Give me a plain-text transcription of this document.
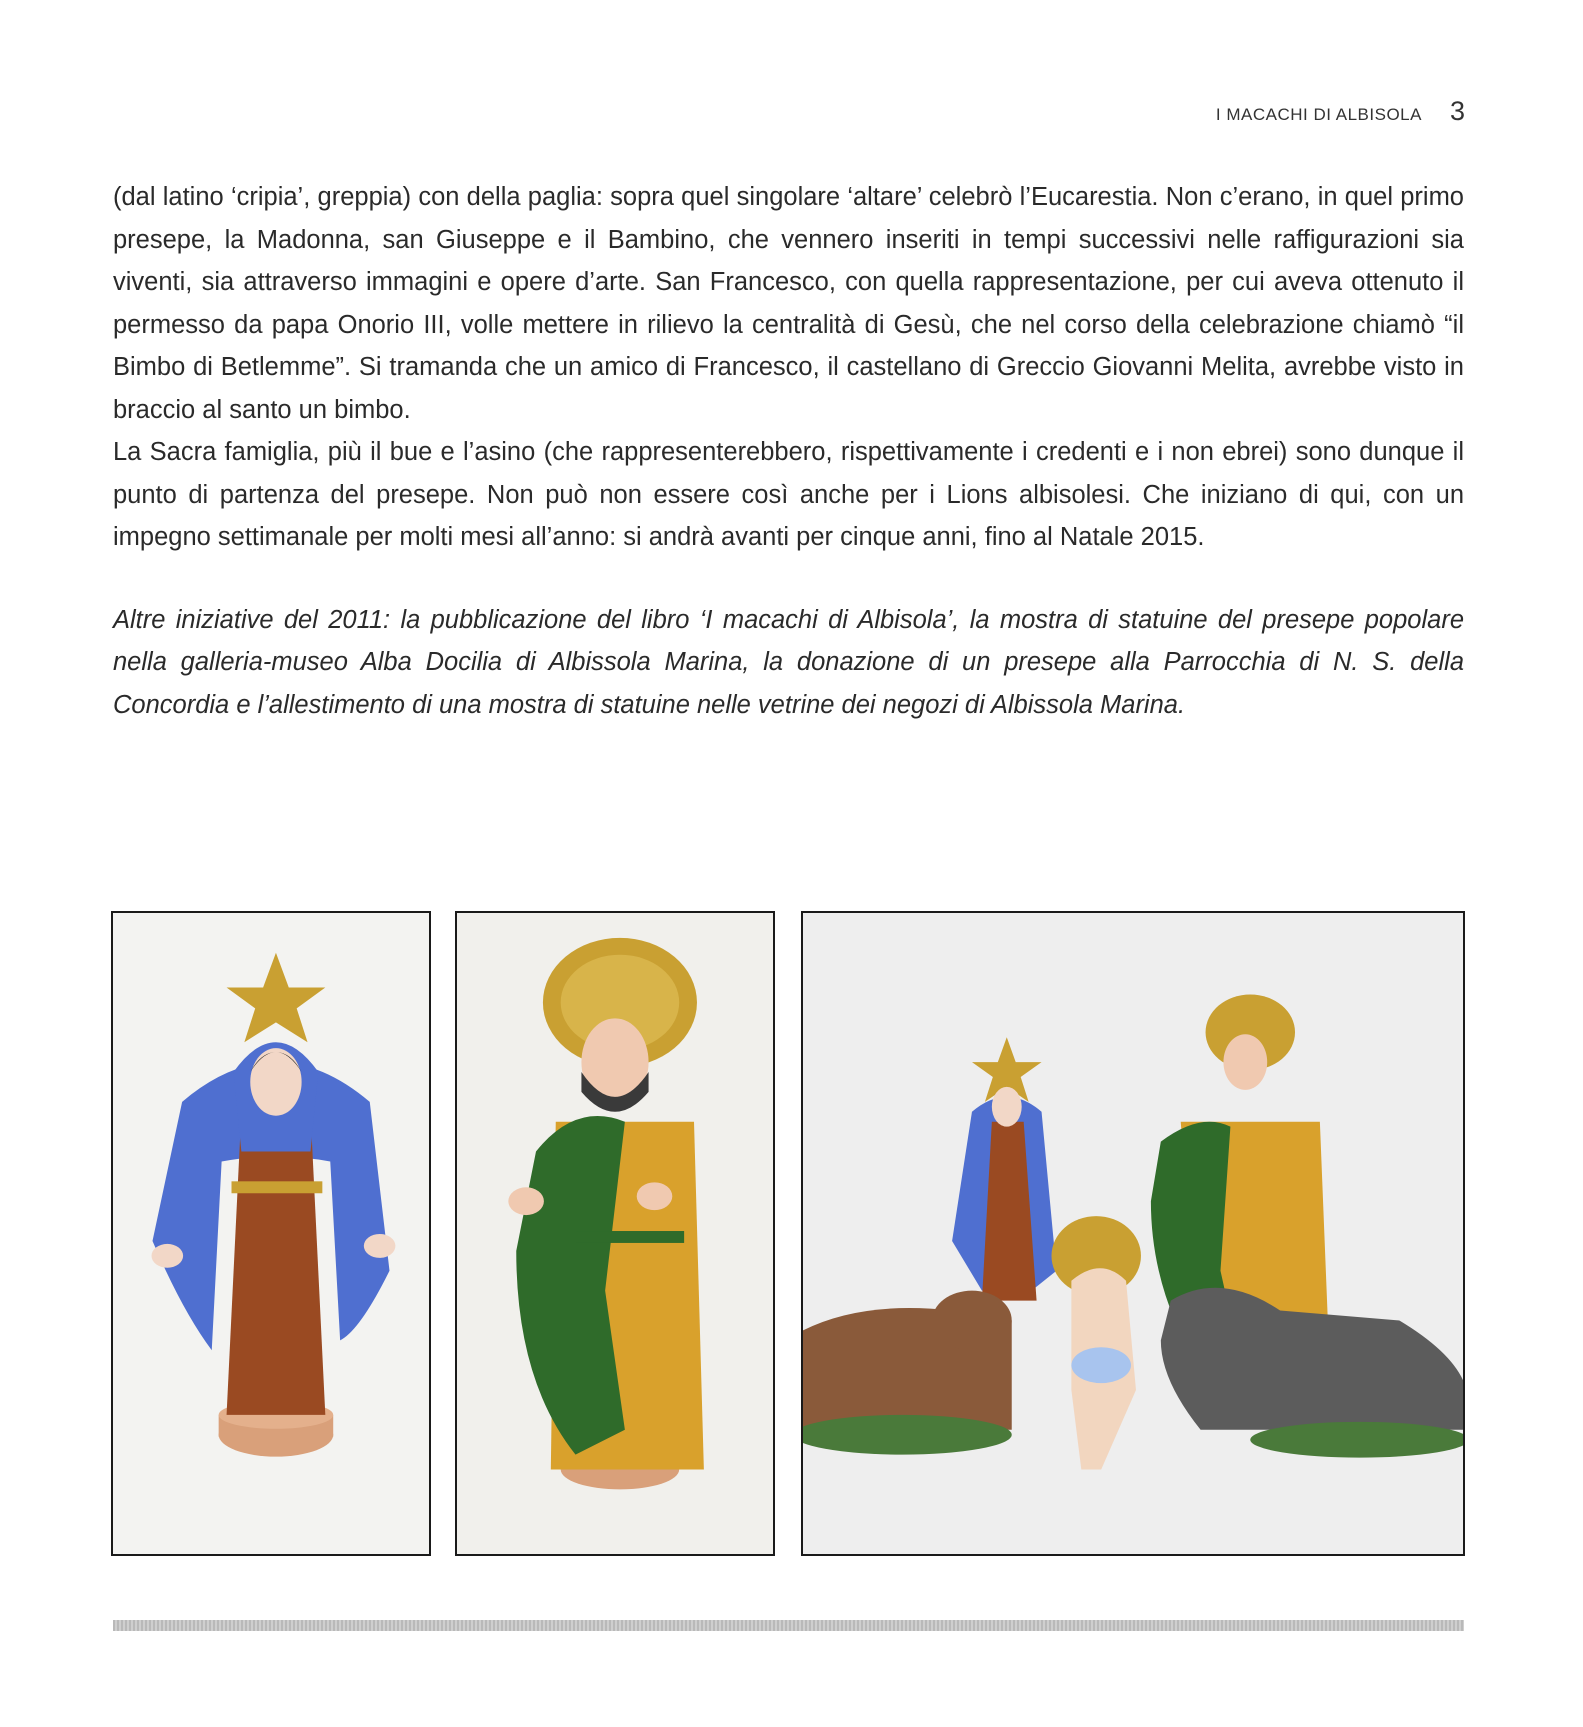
I MACACHI DI ALBISOLA 3

(dal latino ‘cripia’, greppia) con della paglia: sopra quel singolare ‘altare’ celebrò l’Eucarestia. Non c’erano, in quel primo presepe, la Madonna, san Giuseppe e il Bambino, che vennero inseriti in tempi successivi nelle raffigurazioni sia viventi, sia attraverso immagini e opere d’arte. San Francesco, con quella rappresentazione, per cui aveva ottenuto il permesso da papa Onorio III, volle mettere in rilievo la centralità di Gesù, che nel corso della celebrazione chiamò “il Bimbo di Betlemme”. Si tramanda che un amico di Francesco, il castellano di Greccio Giovanni Melita, avrebbe visto in braccio al santo un bimbo.

La Sacra famiglia, più il bue e l’asino (che rappresenterebbero, rispettivamente i credenti e i non ebrei) sono dunque il punto di partenza del presepe. Non può non essere così anche per i Lions albisolesi. Che iniziano di qui, con un impegno settimanale per molti mesi all’anno: si andrà avanti per cinque anni, fino al Natale 2015.

Altre iniziative del 2011: la pubblicazione del libro ‘I macachi di Albisola’, la mostra di statuine del presepe popolare nella galleria-museo Alba Docilia di Albissola Marina, la donazione di un presepe alla Parrocchia di N. S. della Concordia e l’allestimento di una mostra di statuine nelle vetrine dei negozi di Albissola Marina.
